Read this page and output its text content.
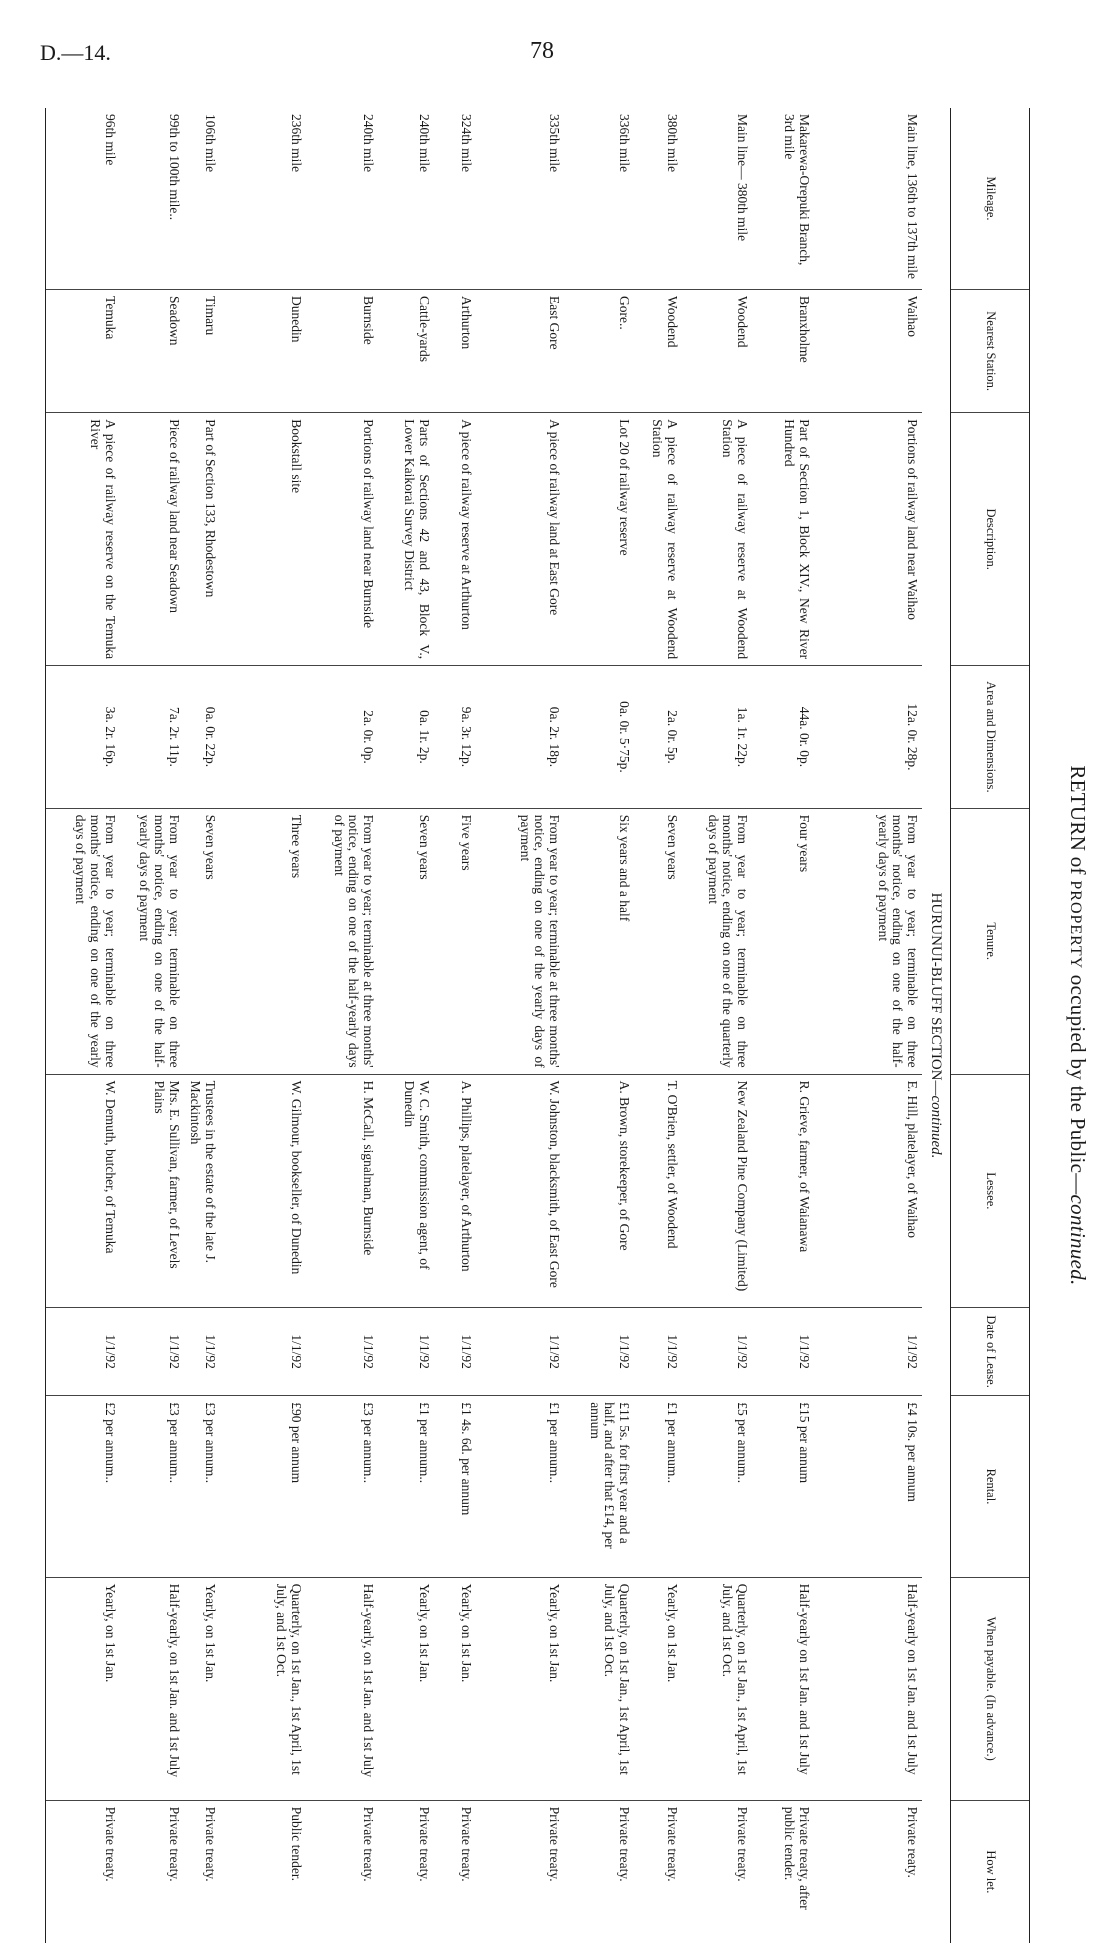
D.—14.	78
RETURN of PROPERTY occupied by the Public—continued.
Mileage.	Nearest Station.	Description.	Area and Dimensions.	Tenure.	Lessee.	Date of Lease.	Rental.	When payable. (In advance.)	How let.
HURUNUI-BLUFF SECTION—continued.									
Main line, 136th to 137th mile	Waihao	Portions of railway land near Waihao	12a. 0r. 28p.	From year to year; terminable on three months' notice, ending on one of the half-yearly days of payment	E. Hill, platelayer, of Waihao	1/1/92	£4 10s. per annum	Half-yearly on 1st Jan. and 1st July	Private reaty.
Makarewa-Orepuki Branch, 3rd mile	Branxholme	Part of Section 1, Block XIV., New River Hundred	44a. 0r. 0p.	Four years	R. Grieve, farmer, of Waianawa	1/1/92	£15 per annum	Half-yearly on 1st Jan. and 1st July	Private treaty, after public tender.
Main line— 380th mile	Woodend	A piece of railway reserve at Woodend Station	1a. 1r. 22p.	From year to year; terminable on three months' notice, ending on one of the quarterly days of payment	New Zealand Pine Company (Limited)	1/1/92	£5 per annum..	Quarterly, on 1st Jan., 1st April, 1st July, and 1st Oct.	Private treaty.
380th mile	Woodend	A piece of railway reserve at Woodend Station	2a. 0r. 5p.	Seven years	T. O'Brien, settler, of Woodend	1/1/92	£1 per annum..	Yearly, on 1st Jan.	Private treaty.
336th mile	Gore..	Lot 20 of railway reserve	0a. 0r. 5·75p.	Six years and a half	A. Brown, storekeeper, of Gore	1/1/92	£11 5s. for first year and a half, and after that £14, per annum	Quarterly, on 1st Jan., 1st April, 1st July, and 1st Oct.	Private treaty.
335th mile	East Gore	A piece of railway land at East Gore	0a. 2r. 18p.	From year to year; terminable at three months' notice, ending on one of the yearly days of payment	W. Johnston, blacksmith, of East Gore	1/1/92	£1 per annum..	Yearly, on 1st Jan.	Private treaty.
324th mile	Arthurton	A piece of railway reserve at Arthurton	9a. 3r. 12p.	Five years	A. Phillips, platelayer, of Arthurton	1/1/92	£1 4s. 6d. per annum	Yearly, on 1st Jan.	Private treaty.
240th mile	Cattle-yards	Parts of Sections 42 and 43, Block V., Lower Kaikorai Survey District	0a. 1r. 2p.	Seven years	W. C. Smith, commission agent, of Dunedin	1/1/92	£1 per annum..	Yearly, on 1st Jan.	Private treaty.
240th mile	Burnside	Portions of railway land near Burnside	2a. 0r. 0p.	From year to year; terminable at three months' notice, ending on one of the half-yearly days of payment	H. McCall, signalman, Burnside	1/1/92	£3 per annum..	Half-yearly, on 1st Jan. and 1st July	Private treaty.
236th mile	Dunedin	Bookstall site		Three years	W. Gilmour, bookseller, of Dunedin	1/1/92	£90 per annum	Quarterly, on 1st Jan., 1st April, 1st July, and 1st Oct.	Public tender.
106th mile	Timaru	Part of Section 133, Rhodestown	0a. 0r. 22p.	Seven years	Trustees in the estate of the late J. Mackintosh	1/1/92	£3 per annum..	Yearly, on 1st Jan.	Private treaty.
99th to 100th mile..	Seadown	Piece of railway land near Seadown	7a. 2r. 11p.	From year to year; terminable on three months' notice, ending on one of the half-yearly days of payment	Mrs. E. Sullivan, farmer, of Levels Plains	1/1/92	£3 per annum..	Half-yearly, on 1st Jan. and 1st July	Private treaty.
96th mile	Temuka	A piece of railway reserve on the Temuka River	3a. 2r. 16p.	From year to year; terminable on three months' notice, ending on one of the yearly days of payment	W. Demuth, butcher, of Temuka	1/1/92	£2 per annum..	Yearly, on 1st Jan.	Private treaty.
